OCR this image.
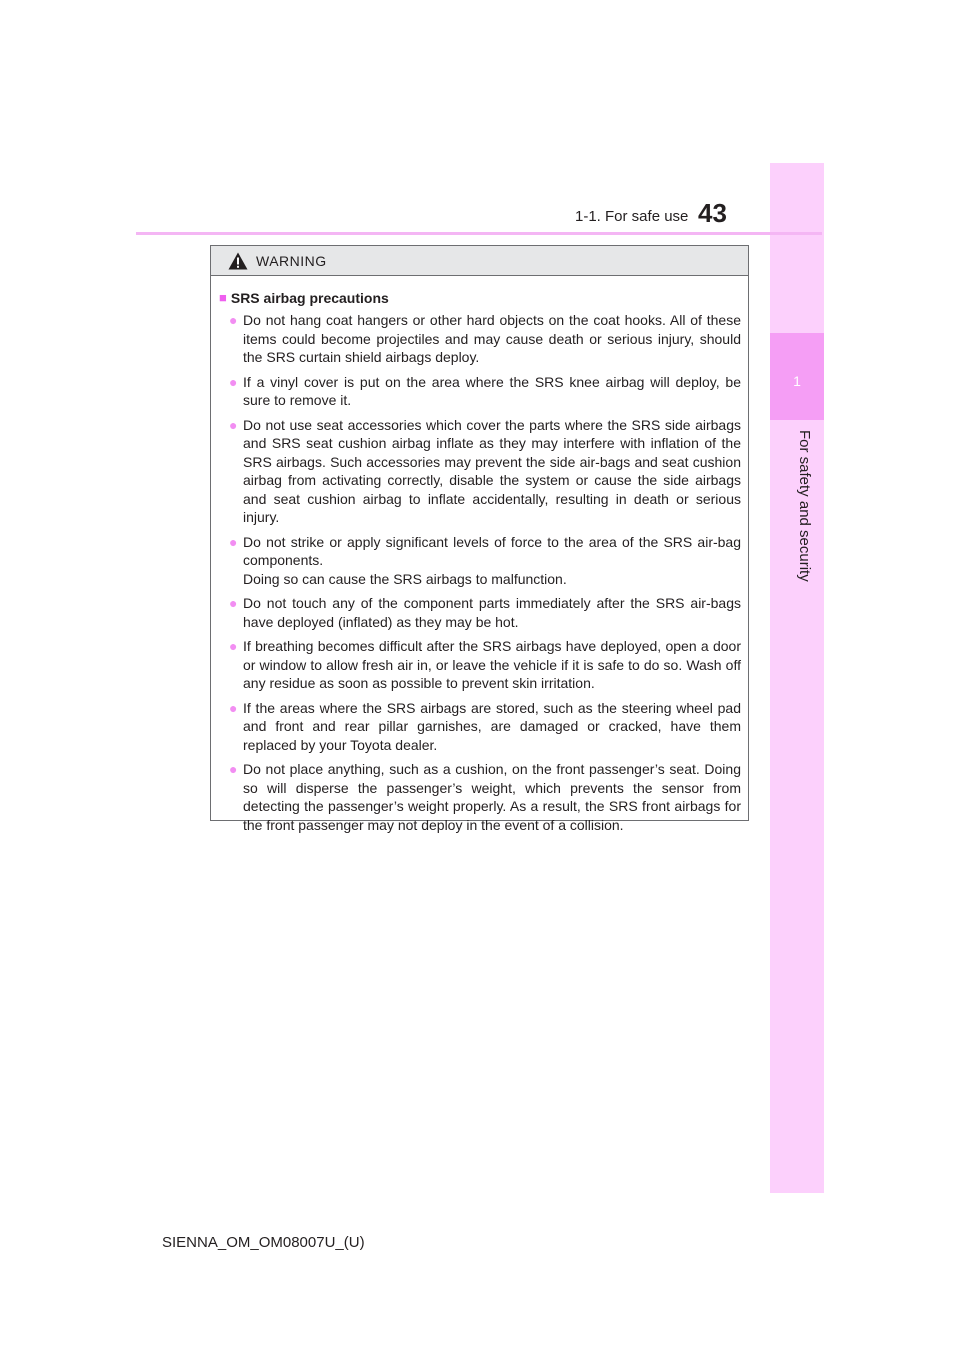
1
For safety and security
1-1. For safe use 43
WARNING
■ SRS airbag precautions
● Do not hang coat hangers or other hard objects on the coat hooks. All of these items could become projectiles and may cause death or serious injury, should the SRS curtain shield airbags deploy.
● If a vinyl cover is put on the area where the SRS knee airbag will deploy, be sure to remove it.
● Do not use seat accessories which cover the parts where the SRS side airbags and SRS seat cushion airbag inflate as they may interfere with inflation of the SRS airbags. Such accessories may prevent the side air-bags and seat cushion airbag from activating correctly, disable the system or cause the side airbags and seat cushion airbag to inflate accidentally, resulting in death or serious injury.
● Do not strike or apply significant levels of force to the area of the SRS air-bag components.
Doing so can cause the SRS airbags to malfunction.
● Do not touch any of the component parts immediately after the SRS air-bags have deployed (inflated) as they may be hot.
● If breathing becomes difficult after the SRS airbags have deployed, open a door or window to allow fresh air in, or leave the vehicle if it is safe to do so. Wash off any residue as soon as possible to prevent skin irritation.
● If the areas where the SRS airbags are stored, such as the steering wheel pad and front and rear pillar garnishes, are damaged or cracked, have them replaced by your Toyota dealer.
● Do not place anything, such as a cushion, on the front passenger’s seat. Doing so will disperse the passenger’s weight, which prevents the sensor from detecting the passenger’s weight properly. As a result, the SRS front airbags for the front passenger may not deploy in the event of a collision.
SIENNA_OM_OM08007U_(U)
